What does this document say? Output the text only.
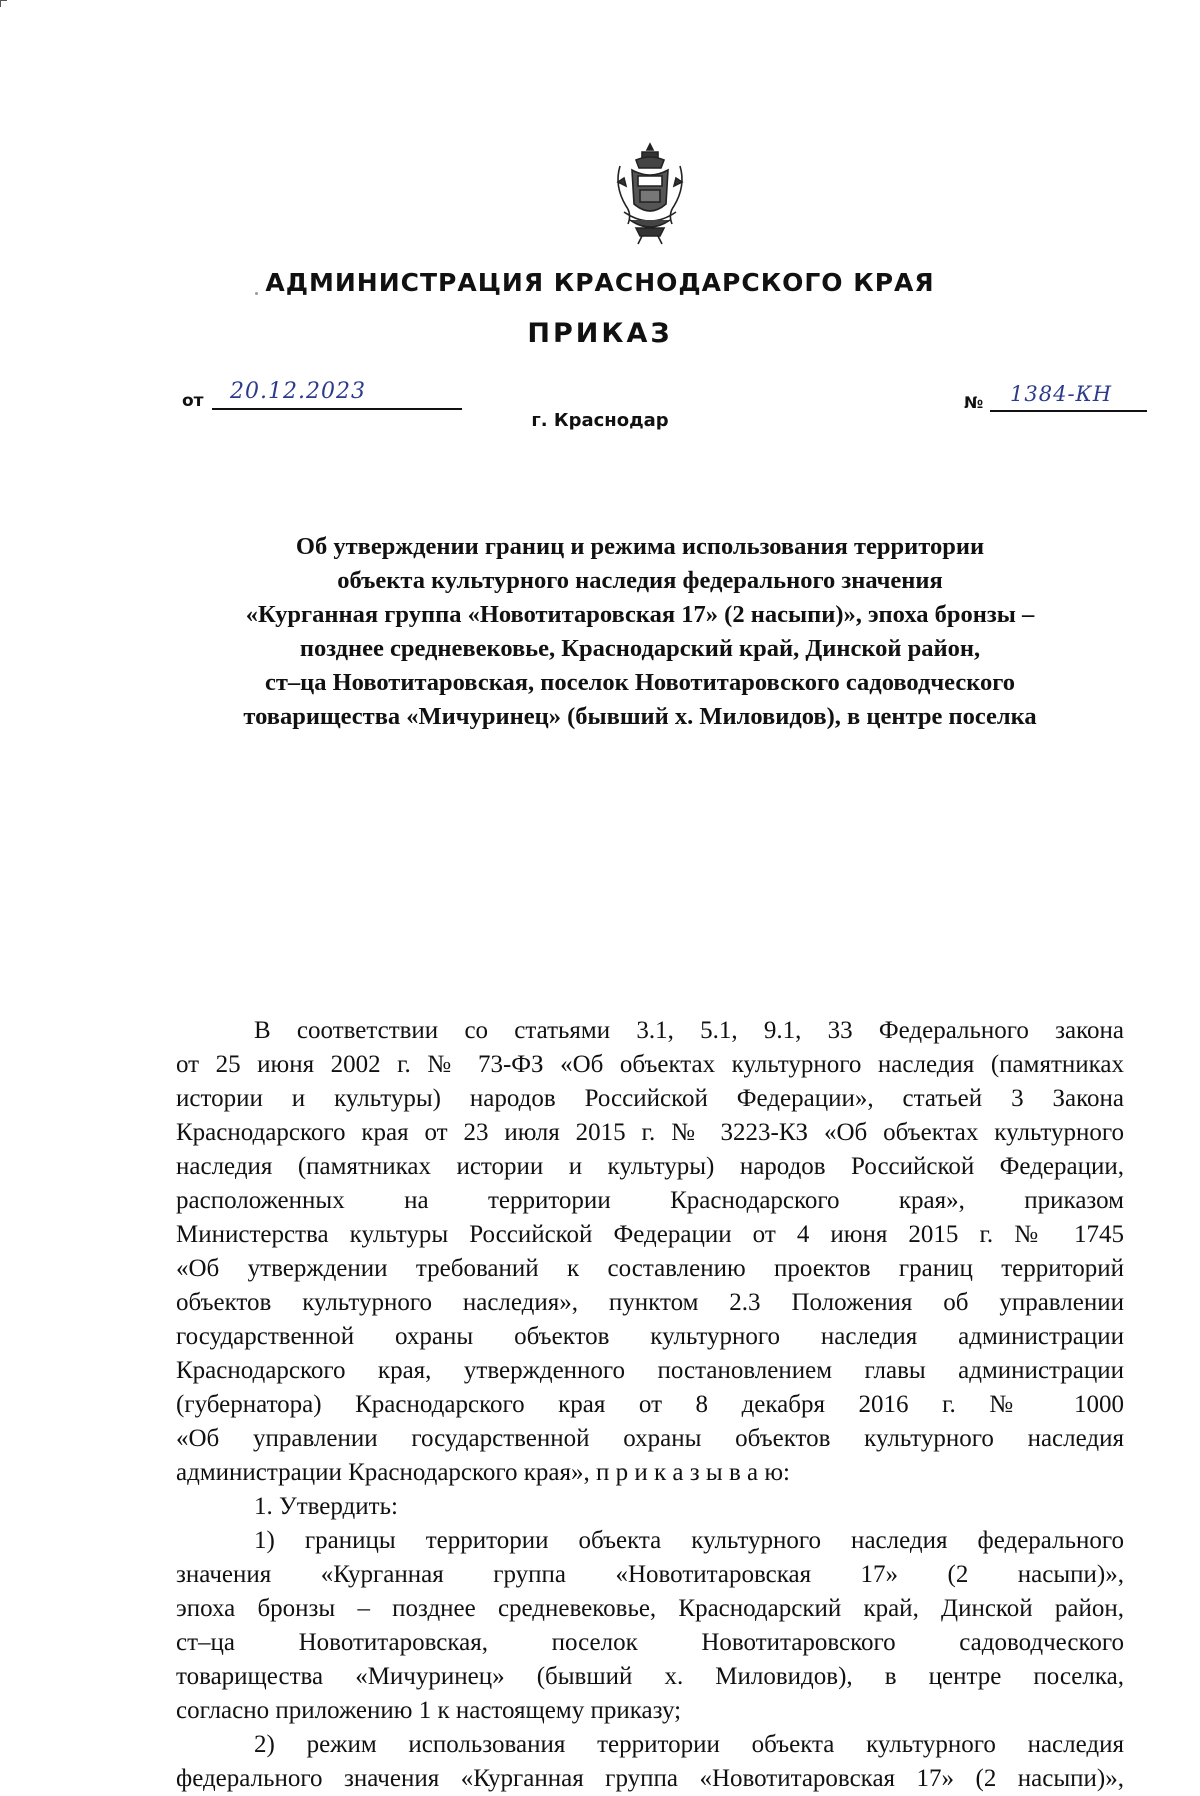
АДМИНИСТРАЦИЯ КРАСНОДАРСКОГО КРАЯ
ПРИКАЗ
от 20.12.2023
г. Краснодар
№ 1384-КН
Об утверждении границ и режима использования территории
объекта культурного наследия федерального значения
«Курганная группа «Новотитаровская 17» (2 насыпи)», эпоха бронзы –
позднее средневековье, Краснодарский край, Динской район,
ст–ца Новотитаровская, поселок Новотитаровского садоводческого
товарищества «Мичуринец» (бывший х. Миловидов), в центре поселка
В соответствии со статьями 3.1, 5.1, 9.1, 33 Федерального закона
от 25 июня 2002 г. № 73-ФЗ «Об объектах культурного наследия (памятниках
истории и культуры) народов Российской Федерации», статьей 3 Закона
Краснодарского края от 23 июля 2015 г. № 3223-КЗ «Об объектах культурного
наследия (памятниках истории и культуры) народов Российской Федерации,
расположенных на территории Краснодарского края», приказом
Министерства культуры Российской Федерации от 4 июня 2015 г. № 1745
«Об утверждении требований к составлению проектов границ территорий
объектов культурного наследия», пунктом 2.3 Положения об управлении
государственной охраны объектов культурного наследия администрации
Краснодарского края, утвержденного постановлением главы администрации
(губернатора) Краснодарского края от 8 декабря 2016 г. № 1000
«Об управлении государственной охраны объектов культурного наследия
администрации Краснодарского края», п р и к а з ы в а ю:
1. Утвердить:
1) границы территории объекта культурного наследия федерального
значения «Курганная группа «Новотитаровская 17» (2 насыпи)»,
эпоха бронзы – позднее средневековье, Краснодарский край, Динской район,
ст–ца Новотитаровская, поселок Новотитаровского садоводческого
товарищества «Мичуринец» (бывший х. Миловидов), в центре поселка,
согласно приложению 1 к настоящему приказу;
2) режим использования территории объекта культурного наследия
федерального значения «Курганная группа «Новотитаровская 17» (2 насыпи)»,
